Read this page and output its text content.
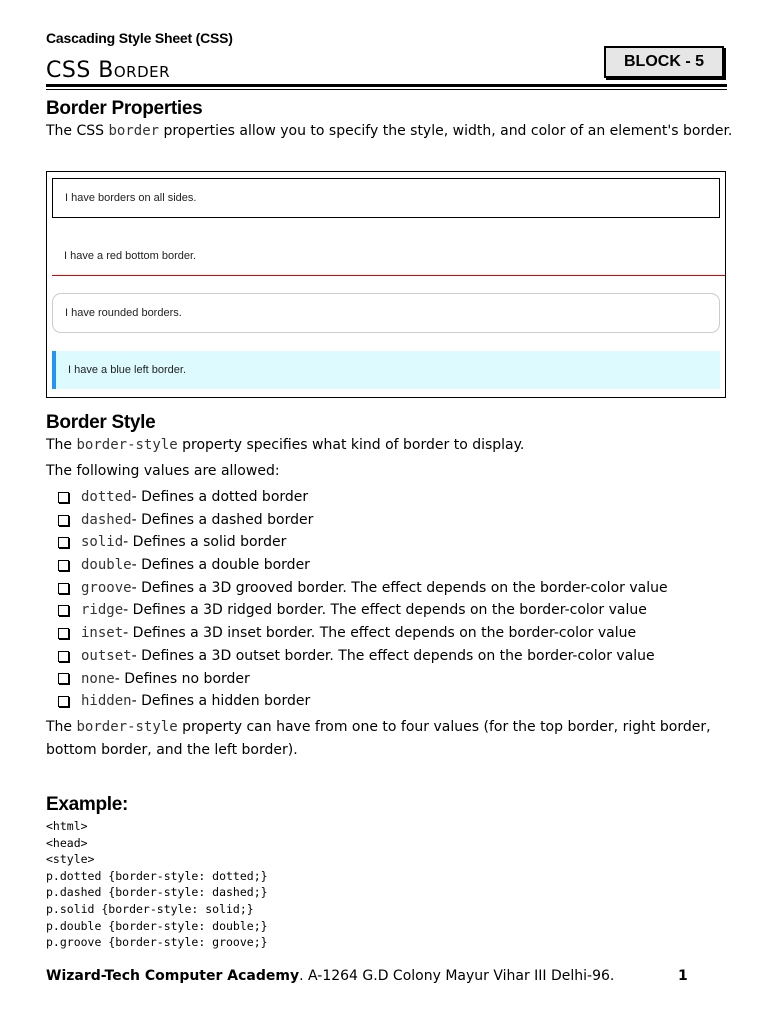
Cascading Style Sheet (CSS)
CSS Border	BLOCK - 5
Border Properties
The CSS border properties allow you to specify the style, width, and color of an element's border.
I have borders on all sides.
I have a red bottom border.
I have rounded borders.
I have a blue left border.
Border Style
The border-style property specifies what kind of border to display.
The following values are allowed:
dotted - Defines a dotted border
dashed - Defines a dashed border
solid - Defines a solid border
double - Defines a double border
groove - Defines a 3D grooved border. The effect depends on the border-color value
ridge - Defines a 3D ridged border. The effect depends on the border-color value
inset - Defines a 3D inset border. The effect depends on the border-color value
outset - Defines a 3D outset border. The effect depends on the border-color value
none - Defines no border
hidden - Defines a hidden border
The border-style property can have from one to four values (for the top border, right border, bottom border, and the left border).
Example:
<html>
<head>
<style>
p.dotted {border-style: dotted;}
p.dashed {border-style: dashed;}
p.solid {border-style: solid;}
p.double {border-style: double;}
p.groove {border-style: groove;}
Wizard-Tech Computer Academy. A-1264 G.D Colony Mayur Vihar III Delhi-96.	1
